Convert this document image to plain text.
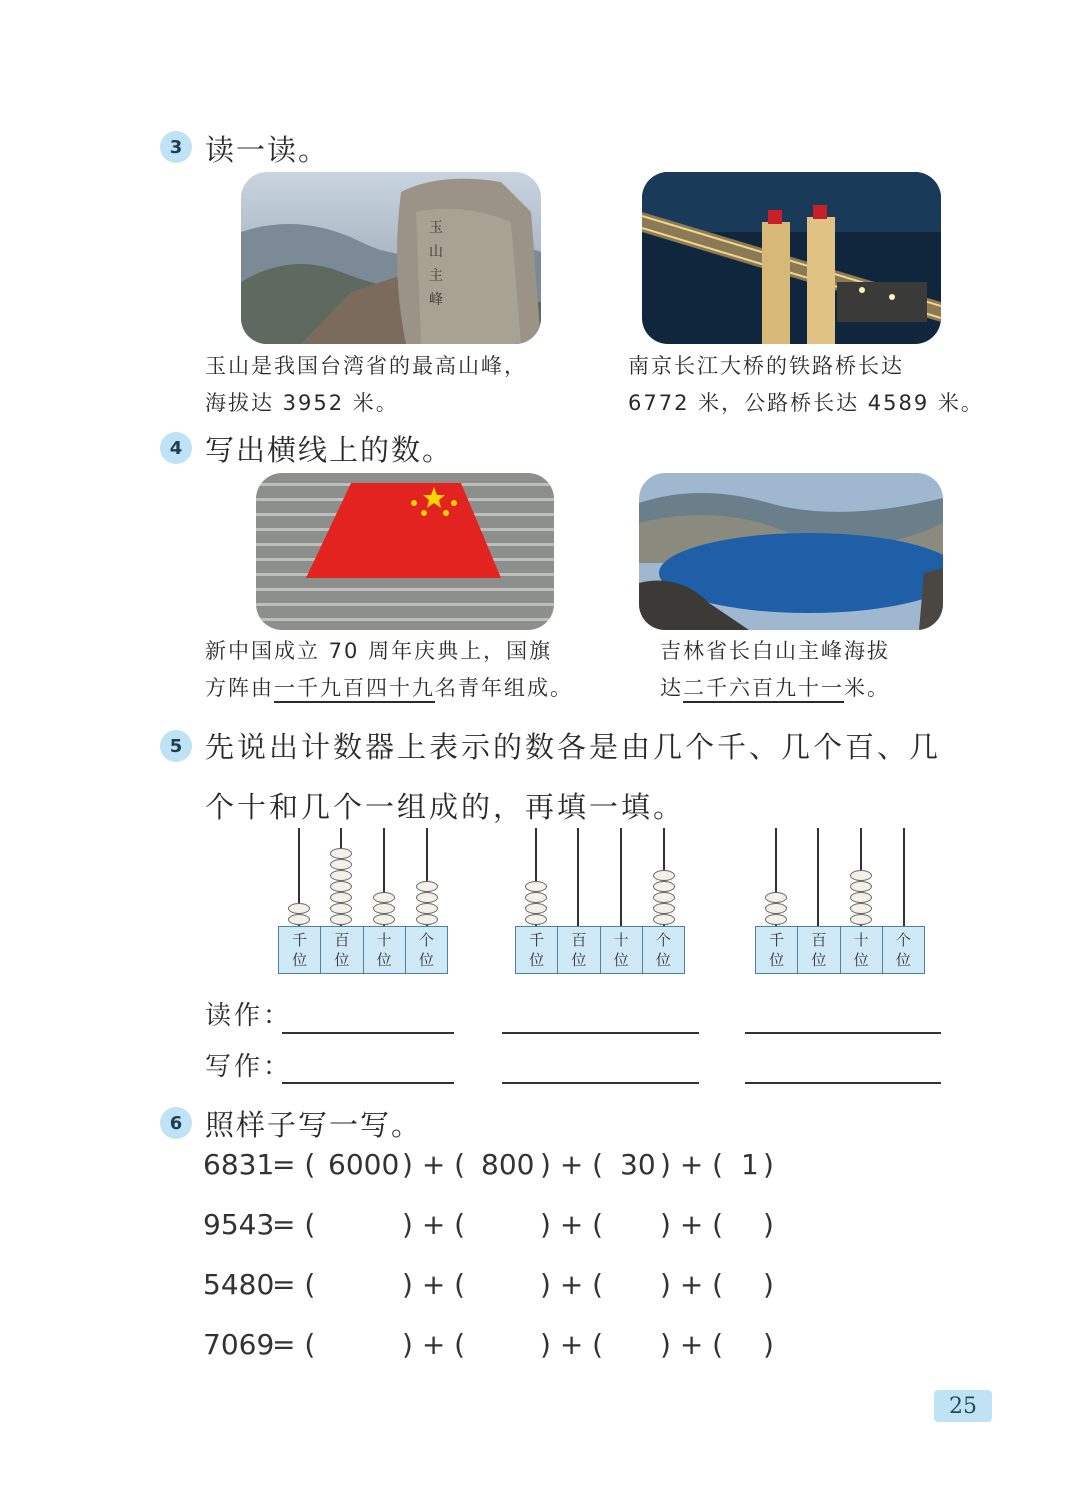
3 读一读。
玉
山
主
峰
玉山是我国台湾省的最高山峰，
海拔达 3952 米。
南京长江大桥的铁路桥长达
6772 米，公路桥长达 4589 米。
4 写出横线上的数。
新中国成立 70 周年庆典上，国旗
方阵由一千九百四十九名青年组成。
吉林省长白山主峰海拔
达二千六百九十一米。
5 先说出计数器上表示的数各是由几个千、几个百、几
个十和几个一组成的，再填一填。
千
位
百
位
十
位
个
位
千
位
百
位
十
位
个
位
千
位
百
位
十
位
个
位
读作：
写作：
6 照样子写一写。
6831
= ( 6000 ) + ( 800 ) + ( 30 ) + ( 1 )
9543
= (	) + (	) + ( ) + ( )
5480
= (	) + (	) + ( ) + ( )
7069
= (	) + (	) + ( ) + ( )
25
